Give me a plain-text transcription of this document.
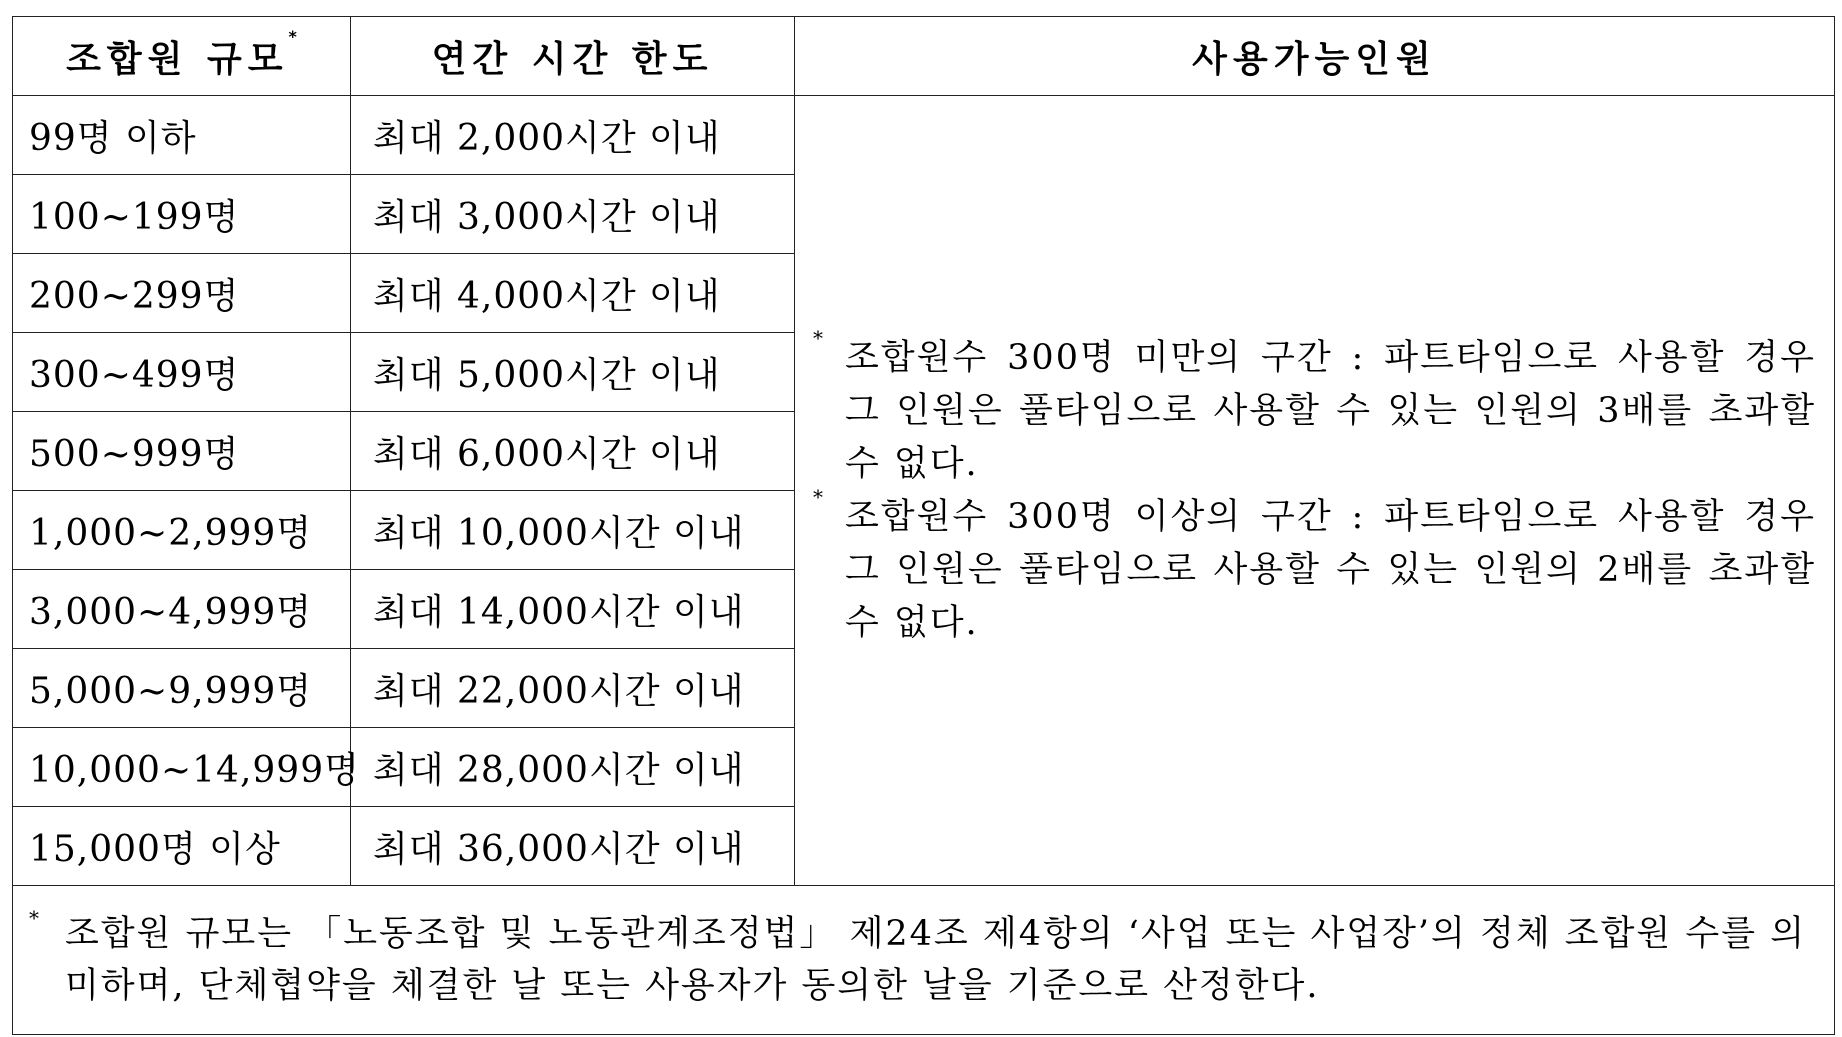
조합원 규모*	연간 시간 한도	사용가능인원
99명 이하	최대 2,000시간 이내	* 조합원수 300명 미만의 구간 : 파트타임으로 사용할 경우 그 인원은 풀타임으로 사용할 수 있는 인원의 3배를 초과할 수 없다.
* 조합원수 300명 이상의 구간 : 파트타임으로 사용할 경우 그 인원은 풀타임으로 사용할 수 있는 인원의 2배를 초과할 수 없다.

100~199명	최대 3,000시간 이내	
200~299명	최대 4,000시간 이내	
300~499명	최대 5,000시간 이내	
500~999명	최대 6,000시간 이내	
1,000~2,999명	최대 10,000시간 이내	
3,000~4,999명	최대 14,000시간 이내	
5,000~9,999명	최대 22,000시간 이내	
10,000~14,999명	최대 28,000시간 이내	
15,000명 이상	최대 36,000시간 이내	

* 조합원 규모는 「노동조합 및 노동관계조정법」 제24조 제4항의 ‘사업 또는 사업장’의 정체 조합원 수를 의미하며, 단체협약을 체결한 날 또는 사용자가 동의한 날을 기준으로 산정한다.		
